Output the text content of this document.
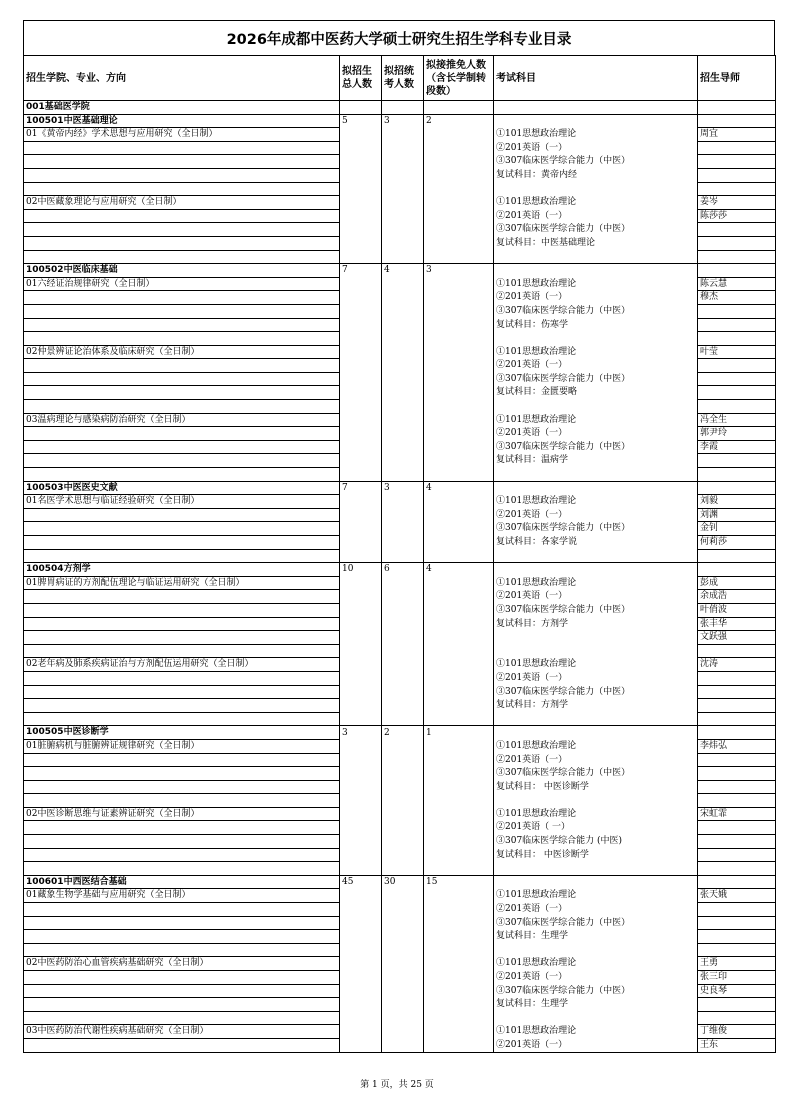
2026年成都中医药大学硕士研究生招生学科专业目录
招生学院、专业、方向	拟招生总人数	拟招统考人数	拟接推免人数（含长学制转段数）	考试科目	招生导师
001基础医学院					
100501中医基础理论	5	3	2		
01《黄帝内经》学术思想与应用研究（全日制）				①101思想政治理论	周宜
				②201英语（一）	
				③307临床医学综合能力（中医）	
				复试科目：黄帝内经	

02中医藏象理论与应用研究（全日制）				①101思想政治理论	姜岑
				②201英语（一）	陈莎莎
				③307临床医学综合能力（中医）	
				复试科目：中医基础理论	

100502中医临床基础	7	4	3		
01六经证治规律研究（全日制）				①101思想政治理论	陈云慧
				②201英语（一）	穆杰
				③307临床医学综合能力（中医）	
				复试科目：伤寒学	

02仲景辨证论治体系及临床研究（全日制）				①101思想政治理论	叶莹
				②201英语（一）	
				③307临床医学综合能力（中医）	
				复试科目：金匮要略	

03温病理论与感染病防治研究（全日制）				①101思想政治理论	冯全生
				②201英语（一）	郭尹玲
				③307临床医学综合能力（中医）	李霞
				复试科目：温病学	

100503中医医史文献	7	3	4		
01名医学术思想与临证经验研究（全日制）				①101思想政治理论	刘毅
				②201英语（一）	刘渊
				③307临床医学综合能力（中医）	金钊
				复试科目：各家学说	何莉莎

100504方剂学	10	6	4		
01脾胃病证的方剂配伍理论与临证运用研究（全日制）				①101思想政治理论	彭成
				②201英语（一）	余成浩
				③307临床医学综合能力（中医）	叶俏波
				复试科目：方剂学	张丰华
					文跃强

02老年病及肺系疾病证治与方剂配伍运用研究（全日制）				①101思想政治理论	沈涛
				②201英语（一）	
				③307临床医学综合能力（中医）	
				复试科目：方剂学	

100505中医诊断学	3	2	1		
01脏腑病机与脏腑辨证规律研究（全日制）				①101思想政治理论	李炜弘
				②201英语（一）	
				③307临床医学综合能力（中医）	
				复试科目： 中医诊断学	

02中医诊断思维与证素辨证研究（全日制）				①101思想政治理论	宋虹霏
				②201英语（ 一）	
				③307临床医学综合能力 (中医)	
				复试科目： 中医诊断学	

100601中西医结合基础	45	30	15		
01藏象生物学基础与应用研究（全日制）				①101思想政治理论	张天娥
				②201英语（一）	
				③307临床医学综合能力（中医）	
				复试科目：生理学	

02中医药防治心血管疾病基础研究（全日制）				①101思想政治理论	王勇
				②201英语（一）	张三印
				③307临床医学综合能力（中医）	史良琴
				复试科目：生理学	

03中医药防治代谢性疾病基础研究（全日制）				①101思想政治理论	丁维俊
				②201英语（一）	王东
第 1 页，共 25 页
